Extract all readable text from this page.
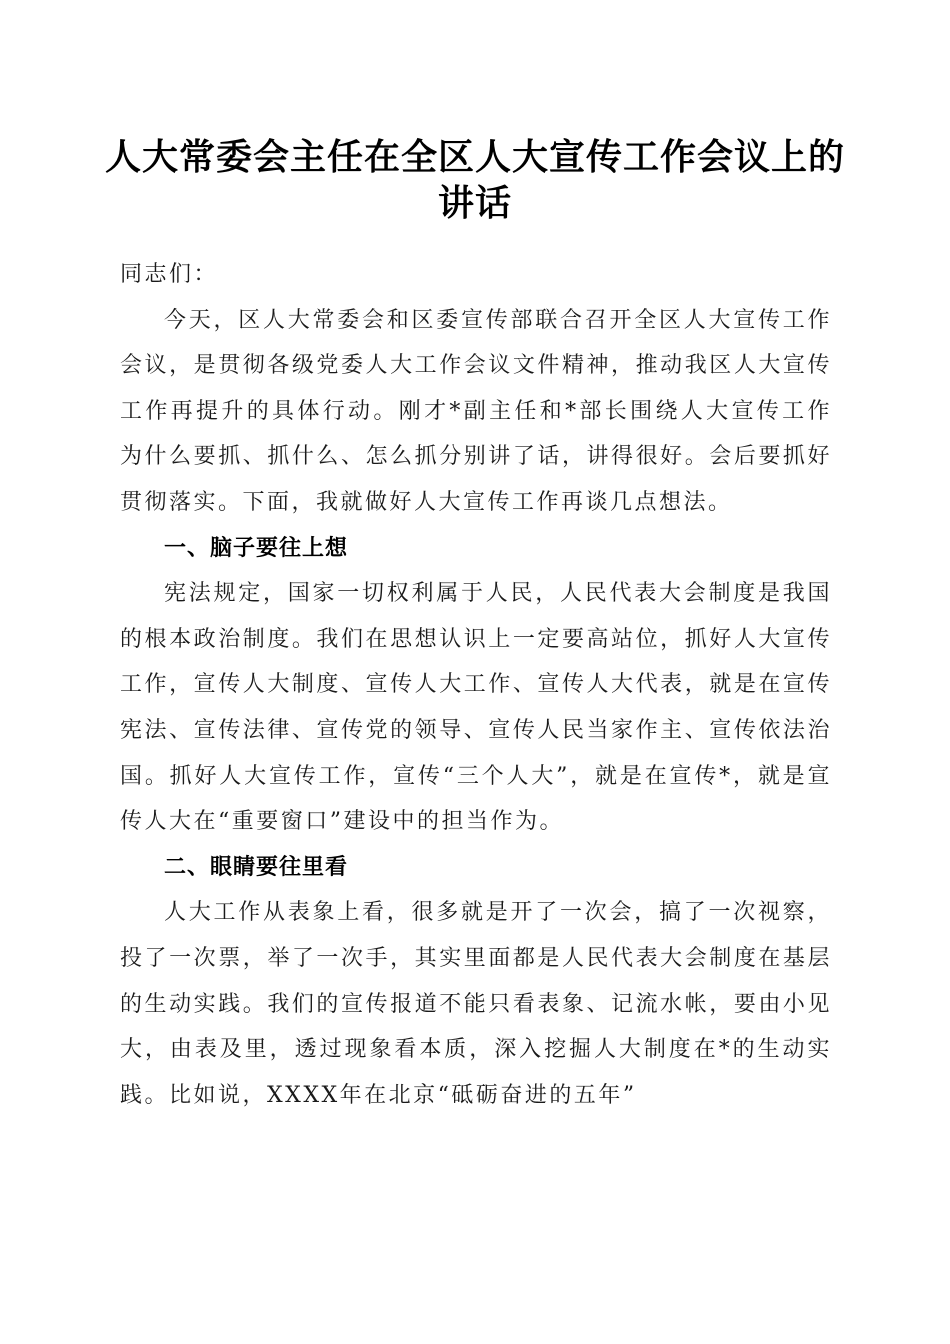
人大常委会主任在全区人大宣传工作会议上的
讲话

同志们：

今天，区人大常委会和区委宣传部联合召开全区人大宣传工作会议，是贯彻各级党委人大工作会议文件精神，推动我区人大宣传工作再提升的具体行动。刚才*副主任和*部长围绕人大宣传工作为什么要抓、抓什么、怎么抓分别讲了话，讲得很好。会后要抓好贯彻落实。下面，我就做好人大宣传工作再谈几点想法。

一、脑子要往上想

宪法规定，国家一切权利属于人民，人民代表大会制度是我国的根本政治制度。我们在思想认识上一定要高站位，抓好人大宣传工作，宣传人大制度、宣传人大工作、宣传人大代表，就是在宣传宪法、宣传法律、宣传党的领导、宣传人民当家作主、宣传依法治国。抓好人大宣传工作，宣传“三个人大”，就是在宣传*，就是宣传人大在“重要窗口”建设中的担当作为。

二、眼睛要往里看

人大工作从表象上看，很多就是开了一次会，搞了一次视察，投了一次票，举了一次手，其实里面都是人民代表大会制度在基层的生动实践。我们的宣传报道不能只看表象、记流水帐，要由小见大，由表及里，透过现象看本质，深入挖掘人大制度在*的生动实践。比如说，XXXX年在北京“砥砺奋进的五年”
